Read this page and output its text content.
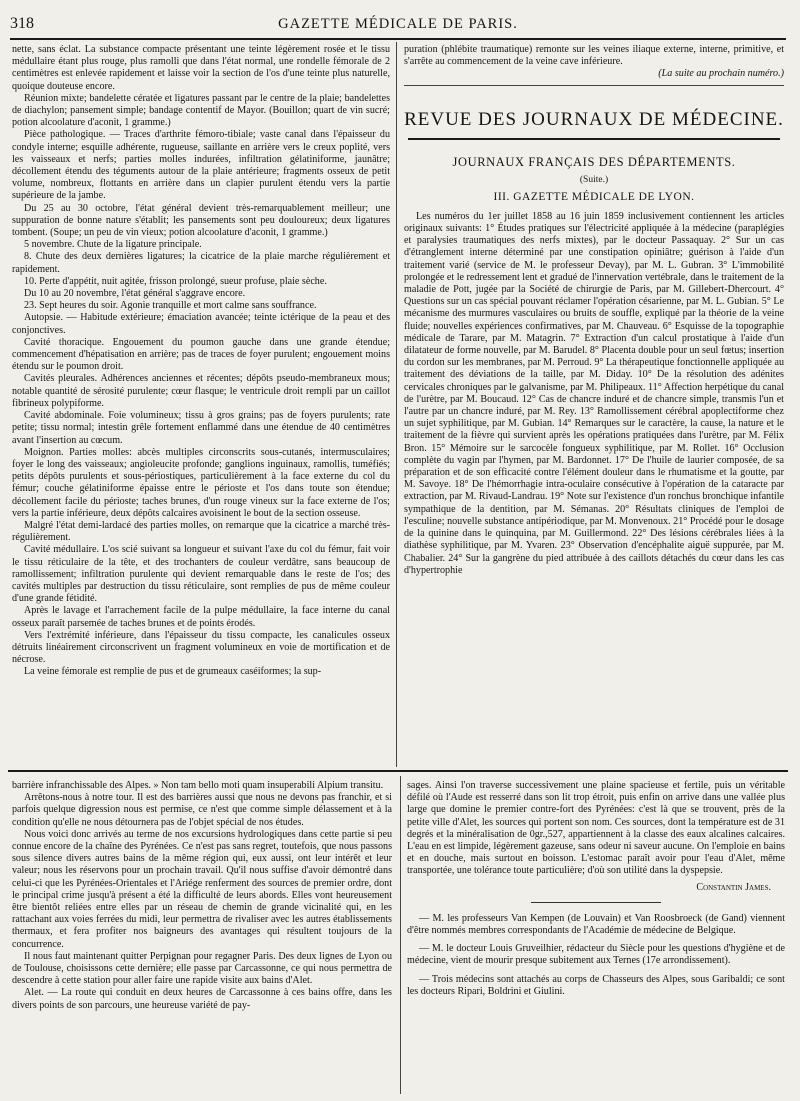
318	GAZETTE MÉDICALE DE PARIS.

nette, sans éclat. La substance compacte présentant une teinte légèrement rosée et le tissu médullaire étant plus rouge, plus ramolli que dans l'état normal, une rondelle fémorale de 2 centimètres est enlevée rapidement et laisse voir la section de l'os d'une teinte plus naturelle, quoique douteuse encore.

Réunion mixte; bandelette cératée et ligatures passant par le centre de la plaie; bandelettes de diachylon; pansement simple; bandage contentif de Mayor. (Bouillon; quart de vin sucré; potion alcoolature d'aconit, 1 gramme.)

Pièce pathologique. — Traces d'arthrite fémoro-tibiale; vaste canal dans l'épaisseur du condyle interne; esquille adhérente, rugueuse, saillante en arrière vers le creux poplité, vers les vaisseaux et nerfs; parties molles indurées, infiltration gélatiniforme, jaunâtre; décollement étendu des téguments autour de la plaie antérieure; fragments osseux de petit volume, nombreux, flottants en arrière dans un clapier purulent étendu vers la partie supérieure de la jambe.

Du 25 au 30 octobre, l'état général devient très-remarquablement meilleur; une suppuration de bonne nature s'établit; les pansements sont peu douloureux; deux ligatures tombent. (Soupe; un peu de vin vieux; potion alcoolature d'aconit, 1 gramme.)

5 novembre. Chute de la ligature principale.

8. Chute des deux dernières ligatures; la cicatrice de la plaie marche régulièrement et rapidement.

10. Perte d'appétit, nuit agitée, frisson prolongé, sueur profuse, plaie sèche.

Du 10 au 20 novembre, l'état général s'aggrave encore.

23. Sept heures du soir. Agonie tranquille et mort calme sans souffrance.

Autopsie. — Habitude extérieure; émaciation avancée; teinte ictérique de la peau et des conjonctives.

Cavité thoracique. Engouement du poumon gauche dans une grande étendue; commencement d'hépatisation en arrière; pas de traces de foyer purulent; engouement moins étendu sur le poumon droit.

Cavités pleurales. Adhérences anciennes et récentes; dépôts pseudo-membraneux mous; notable quantité de sérosité purulente; cœur flasque; le ventricule droit rempli par un caillot fibrineux polypiforme.

Cavité abdominale. Foie volumineux; tissu à gros grains; pas de foyers purulents; rate petite; tissu normal; intestin grêle fortement enflammé dans une étendue de 40 centimètres avant l'insertion au cœcum.

Moignon. Parties molles: abcès multiples circonscrits sous-cutanés, intermusculaires; foyer le long des vaisseaux; angioleucite profonde; ganglions inguinaux, ramollis, tuméfiés; petits dépôts purulents et sous-périostiques, particulièrement à la face externe du col du fémur; couche gélatiniforme épaisse entre le périoste et l'os dans toute son étendue; décollement facile du périoste; taches brunes, d'un rouge vineux sur la face externe de l'os; vers la partie inférieure, deux dépôts calcaires avoisinent le bout de la section osseuse.

Malgré l'état demi-lardacé des parties molles, on remarque que la cicatrice a marché très-régulièrement.

Cavité médullaire. L'os scié suivant sa longueur et suivant l'axe du col du fémur, fait voir le tissu réticulaire de la tête, et des trochanters de couleur verdâtre, sans beaucoup de ramollissement; infiltration purulente qui devient remarquable dans le reste de l'os; des cavités multiples par destruction du tissu réticulaire, sont remplies de pus de même couleur d'une grande fétidité.

Après le lavage et l'arrachement facile de la pulpe médullaire, la face interne du canal osseux paraît parsemée de taches brunes et de points érodés.

Vers l'extrémité inférieure, dans l'épaisseur du tissu compacte, les canalicules osseux détruits linéairement circonscrivent un fragment volumineux en voie de mortification et de nécrose.

La veine fémorale est remplie de pus et de grumeaux caséiformes; la sup-

puration (phlébite traumatique) remonte sur les veines iliaque externe, interne, primitive, et s'arrête au commencement de la veine cave inférieure.

(La suite au prochain numéro.)

REVUE DES JOURNAUX DE MÉDECINE.
JOURNAUX FRANÇAIS DES DÉPARTEMENTS.
(Suite.)
III. GAZETTE MÉDICALE DE LYON.

Les numéros du 1er juillet 1858 au 16 juin 1859 inclusivement contiennent les articles originaux suivants: 1° Études pratiques sur l'électricité appliquée à la médecine (paraplégies et paralysies traumatiques des nerfs mixtes), par le docteur Passaquay. 2° Sur un cas d'étranglement interne déterminé par une constipation opiniâtre; guérison à l'aide d'un traitement varié (service de M. le professeur Devay), par M. L. Gubran. 3° L'immobilité prolongée et le redressement lent et gradué de l'innervation vertébrale, dans le traitement de la maladie de Pott, jugée par la Société de chirurgie de Paris, par M. Gillebert-Dhercourt. 4° Questions sur un cas spécial pouvant réclamer l'opération césarienne, par M. L. Gubian. 5° Le mécanisme des murmures vasculaires ou bruits de souffle, expliqué par la théorie de la veine fluide; nouvelles expériences confirmatives, par M. Chauveau. 6° Esquisse de la topographie médicale de Tarare, par M. Matagrin. 7° Extraction d'un calcul prostatique à l'aide d'un dilatateur de forme nouvelle, par M. Barudel. 8° Placenta double pour un seul fœtus; insertion du cordon sur les membranes, par M. Perroud. 9° La thérapeutique fonctionnelle appliquée au traitement des déviations de la taille, par M. Diday. 10° De la résolution des adénites cervicales chroniques par le galvanisme, par M. Philipeaux. 11° Affection herpétique du canal de l'urètre, par M. Boucaud. 12° Cas de chancre induré et de chancre simple, transmis l'un et l'autre par un chancre induré, par M. Rey. 13° Ramollissement cérébral apoplectiforme chez un sujet syphilitique, par M. Gubian. 14° Remarques sur le caractère, la cause, la nature et le traitement de la fièvre qui survient après les opérations pratiquées dans l'urètre, par M. Félix Bron. 15° Mémoire sur le sarcocèle fongueux syphilitique, par M. Rollet. 16° Occlusion complète du vagin par l'hymen, par M. Bardonnet. 17° De l'huile de laurier composée, de sa préparation et de son efficacité contre l'élément douleur dans le rhumatisme et la goutte, par M. Savoye. 18° De l'hémorrhagie intra-oculaire consécutive à l'opération de la cataracte par extraction, par M. Rivaud-Landrau. 19° Note sur l'existence d'un ronchus bronchique infantile sympathique de la dentition, par M. Sémanas. 20° Résultats cliniques de l'emploi de l'esculine; nouvelle substance antipériodique, par M. Monvenoux. 21° Procédé pour le dosage de la quinine dans le quinquina, par M. Guillermond. 22° Des lésions cérébrales liées à la diathèse syphilitique, par M. Yvaren. 23° Observation d'encéphalite aiguë suppurée, par M. Chabalier. 24° Sur la gangrène du pied attribuée à des caillots détachés du cœur dans les cas d'hypertrophie

barrière infranchissable des Alpes. » Non tam bello moti quam insuperabili Alpium transitu.

Arrêtons-nous à notre tour. Il est des barrières aussi que nous ne devons pas franchir, et si parfois quelque digression nous est permise, ce n'est que comme simple délassement et à la condition qu'elle ne nous détournera pas de l'objet spécial de nos études.

Nous voici donc arrivés au terme de nos excursions hydrologiques dans cette partie si peu connue encore de la chaîne des Pyrénées. Ce n'est pas sans regret, toutefois, que nous passons sous silence divers autres bains de la même région qui, eux aussi, ont leur intérêt et leur valeur; nous les réservons pour un prochain travail. Qu'il nous suffise d'avoir démontré dans celui-ci que les Pyrénées-Orientales et l'Ariége renferment des sources de premier ordre, dont le principal crime jusqu'à présent a été la difficulté de leurs abords. Elles vont heureusement être bientôt reliées entre elles par un réseau de chemin de grande vicinalité qui, en les rattachant aux voies ferrées du midi, leur permettra de rivaliser avec les autres établissements thermaux, et fera profiter nos baigneurs des avantages qui résultent toujours de la concurrence.

Il nous faut maintenant quitter Perpignan pour regagner Paris. Des deux lignes de Lyon ou de Toulouse, choisissons cette dernière; elle passe par Carcassonne, ce qui nous permettra de descendre à cette station pour aller faire une rapide visite aux bains d'Alet.

Alet. — La route qui conduit en deux heures de Carcassonne à ces bains offre, dans les divers points de son parcours, une heureuse variété de pay-

sages. Ainsi l'on traverse successivement une plaine spacieuse et fertile, puis un véritable défilé où l'Aude est resserré dans son lit trop étroit, puis enfin on arrive dans une vallée plus large que domine le premier contre-fort des Pyrénées: c'est là que se trouvent, près de la petite ville d'Alet, les sources qui portent son nom. Ces sources, dont la température est de 31 degrés et la minéralisation de 0gr.,527, appartiennent à la classe des eaux alcalines calcaires. L'eau en est limpide, légèrement gazeuse, sans odeur ni saveur aucune. On l'emploie en bains et en douche, mais surtout en boisson. L'estomac paraît avoir pour l'eau d'Alet, même transportée, une tolérance toute particulière; d'où son utilité dans la dyspepsie.

Constantin James.

— M. les professeurs Van Kempen (de Louvain) et Van Roosbroeck (de Gand) viennent d'être nommés membres correspondants de l'Académie de médecine de Belgique.

— M. le docteur Louis Gruveilhier, rédacteur du Siècle pour les questions d'hygiène et de médecine, vient de mourir presque subitement aux Ternes (17e arrondissement).

— Trois médecins sont attachés au corps de Chasseurs des Alpes, sous Garibaldi; ce sont les docteurs Ripari, Boldrini et Giulini.
